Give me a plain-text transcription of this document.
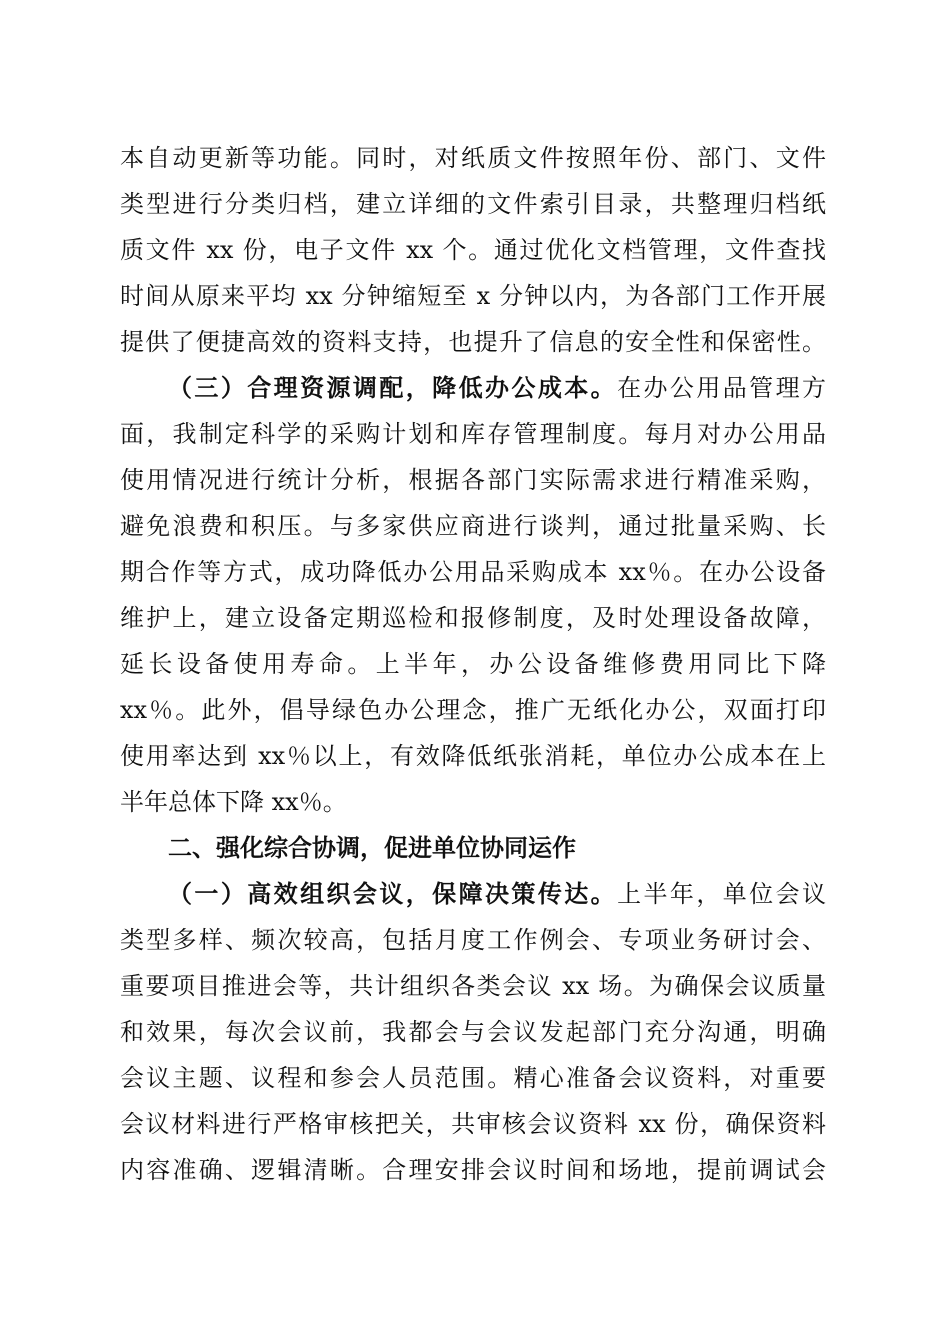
本自动更新等功能。同时，对纸质文件按照年份、部门、文件
类型进行分类归档，建立详细的文件索引目录，共整理归档纸
质文件 xx 份，电子文件 xx 个。通过优化文档管理，文件查找
时间从原来平均 xx 分钟缩短至 x 分钟以内，为各部门工作开展
提供了便捷高效的资料支持，也提升了信息的安全性和保密性。
（三）合理资源调配，降低办公成本。在办公用品管理方
面，我制定科学的采购计划和库存管理制度。每月对办公用品
使用情况进行统计分析，根据各部门实际需求进行精准采购，
避免浪费和积压。与多家供应商进行谈判，通过批量采购、长
期合作等方式，成功降低办公用品采购成本 xx％。在办公设备
维护上，建立设备定期巡检和报修制度，及时处理设备故障，
延长设备使用寿命。上半年，办公设备维修费用同比下降
xx％。此外，倡导绿色办公理念，推广无纸化办公，双面打印
使用率达到 xx％以上，有效降低纸张消耗，单位办公成本在上
半年总体下降 xx％。
二、强化综合协调，促进单位协同运作
（一）高效组织会议，保障决策传达。上半年，单位会议
类型多样、频次较高，包括月度工作例会、专项业务研讨会、
重要项目推进会等，共计组织各类会议 xx 场。为确保会议质量
和效果，每次会议前，我都会与会议发起部门充分沟通，明确
会议主题、议程和参会人员范围。精心准备会议资料，对重要
会议材料进行严格审核把关，共审核会议资料 xx 份，确保资料
内容准确、逻辑清晰。合理安排会议时间和场地，提前调试会
